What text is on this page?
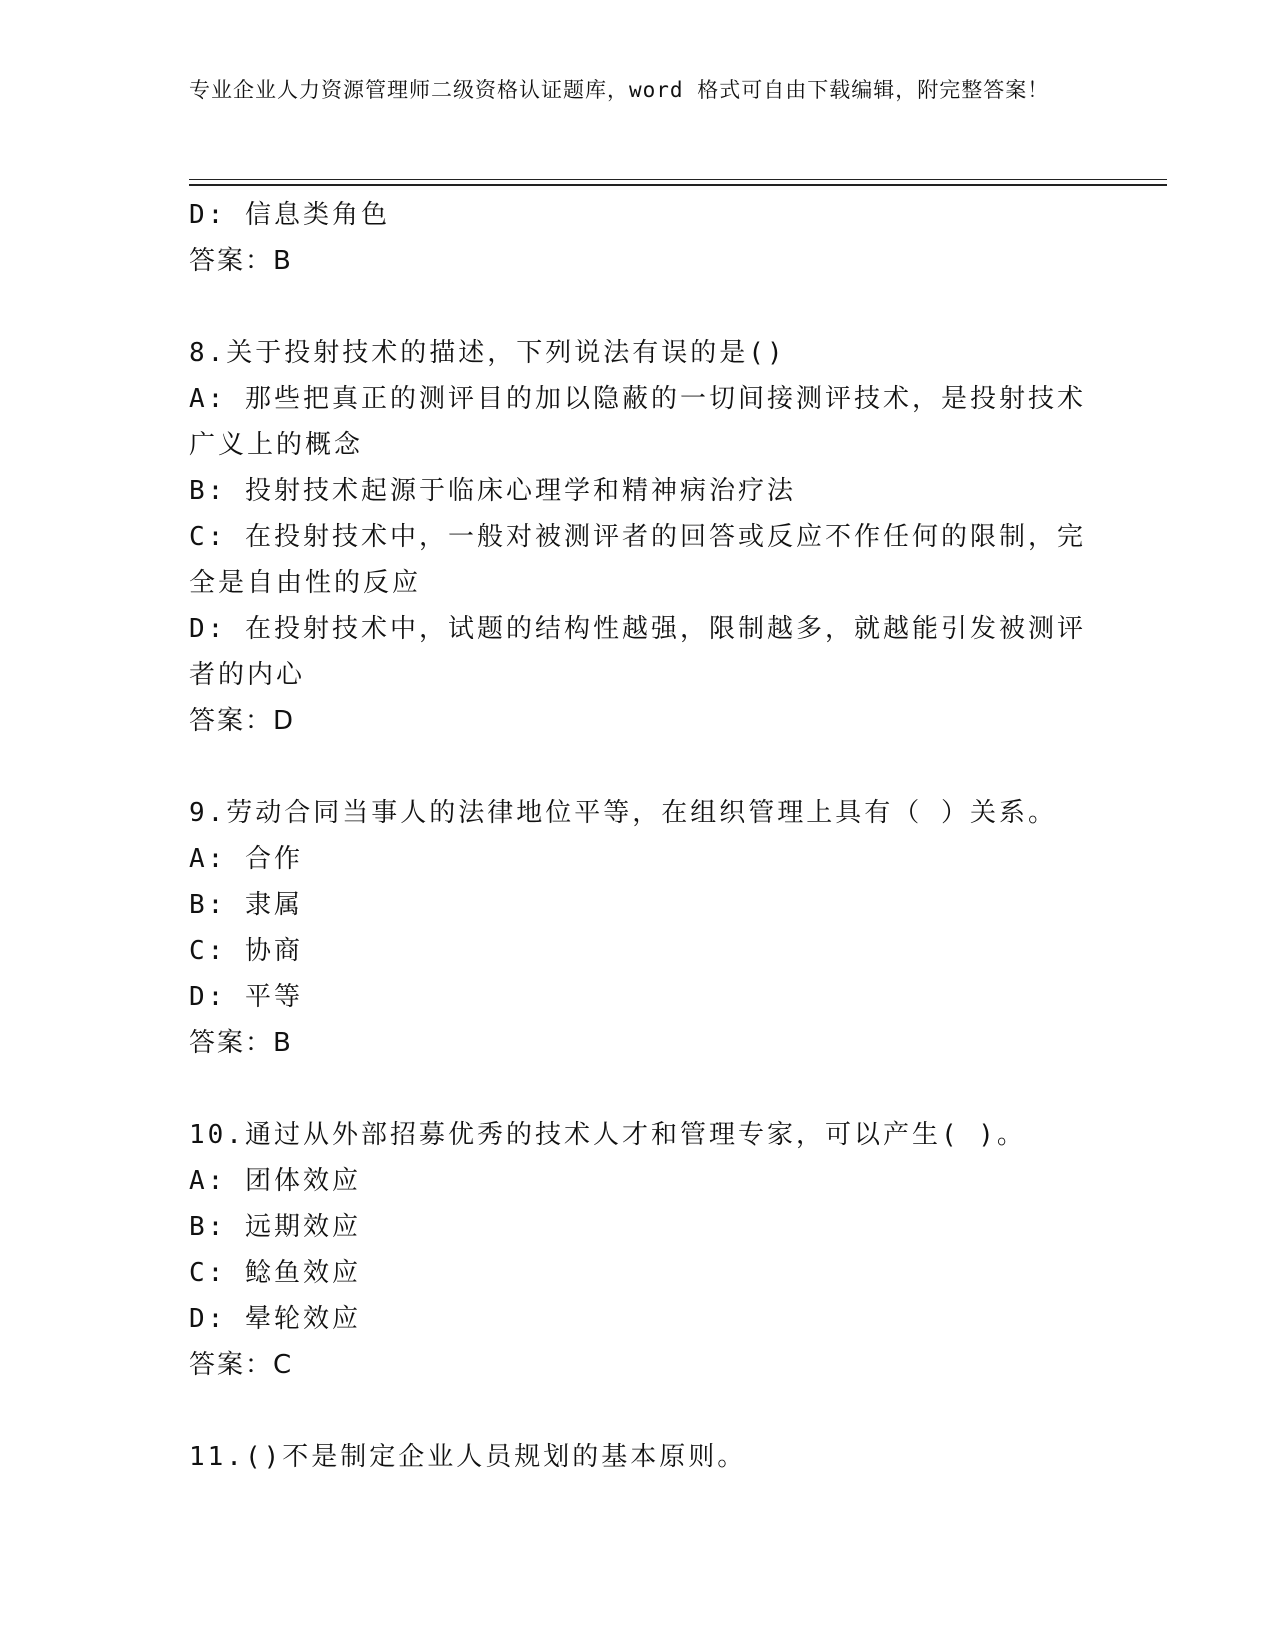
专业企业人力资源管理师二级资格认证题库，word 格式可自由下载编辑，附完整答案！
D: 信息类角色
答案：B
8.关于投射技术的描述，下列说法有误的是()
A: 那些把真正的测评目的加以隐蔽的一切间接测评技术，是投射技术
广义上的概念
B: 投射技术起源于临床心理学和精神病治疗法
C: 在投射技术中，一般对被测评者的回答或反应不作任何的限制，完
全是自由性的反应
D: 在投射技术中，试题的结构性越强，限制越多，就越能引发被测评
者的内心
答案：D
9.劳动合同当事人的法律地位平等，在组织管理上具有（ ）关系。
A: 合作
B: 隶属
C: 协商
D: 平等
答案：B
10.通过从外部招募优秀的技术人才和管理专家，可以产生( )。
A: 团体效应
B: 远期效应
C: 鲶鱼效应
D: 晕轮效应
答案：C
11.()不是制定企业人员规划的基本原则。
